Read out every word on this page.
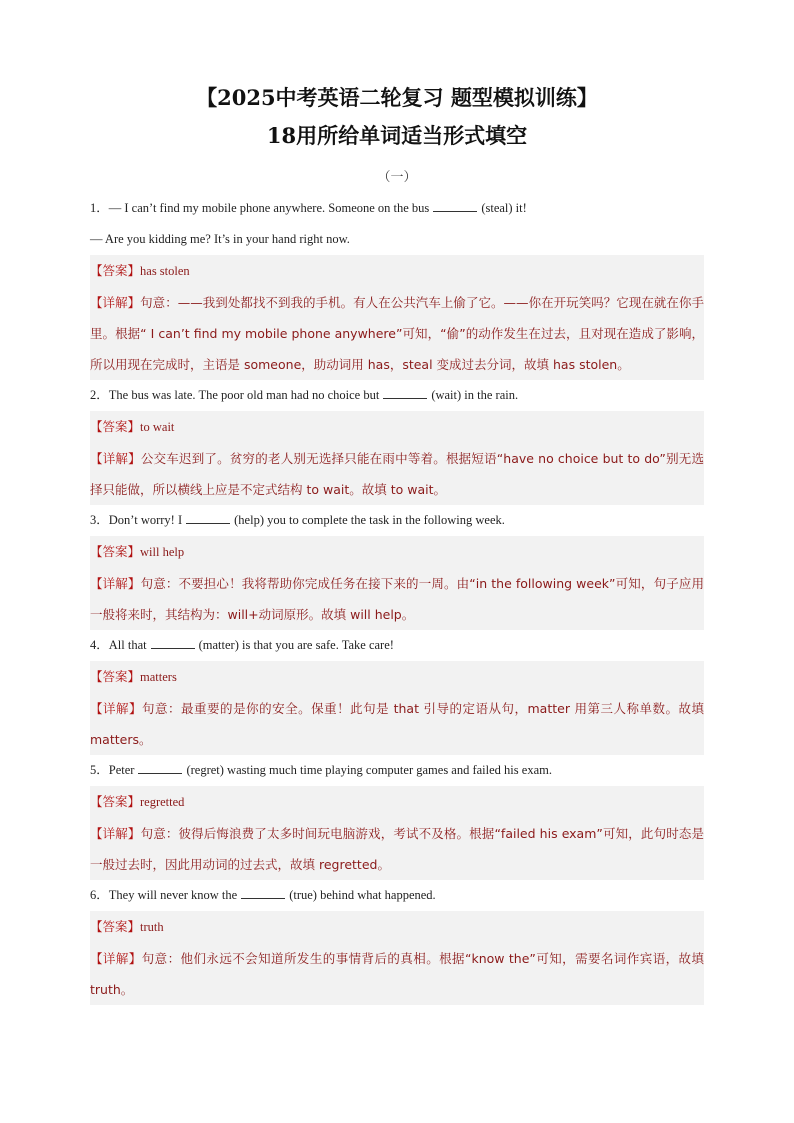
【2025中考英语二轮复习 题型模拟训练】
18用所给单词适当形式填空
（一）
1．— I can’t find my mobile phone anywhere. Someone on the bus	(steal) it!
— Are you kidding me? It’s in your hand right now.
【答案】has stolen
【详解】句意：——我到处都找不到我的手机。有人在公共汽车上偷了它。——你在开玩笑吗？它现在就在你手里。根据“ I can’t find my mobile phone anywhere”可知，“偷”的动作发生在过去，且对现在造成了影响，所以用现在完成时，主语是 someone，助动词用 has，steal 变成过去分词，故填 has stolen。
2．The bus was late. The poor old man had no choice but	(wait) in the rain.
【答案】to wait
【详解】公交车迟到了。贫穷的老人别无选择只能在雨中等着。根据短语“have no choice but to do”别无选择只能做，所以横线上应是不定式结构 to wait。故填 to wait。
3．Don’t worry! I	(help) you to complete the task in the following week.
【答案】will help
【详解】句意：不要担心！我将帮助你完成任务在接下来的一周。由“in the following week”可知，句子应用一般将来时，其结构为：will+动词原形。故填 will help。
4．All that	(matter) is that you are safe. Take care!
【答案】matters
【详解】句意：最重要的是你的安全。保重！此句是 that 引导的定语从句，matter 用第三人称单数。故填 matters。
5．Peter	(regret) wasting much time playing computer games and failed his exam.
【答案】regretted
【详解】句意：彼得后悔浪费了太多时间玩电脑游戏，考试不及格。根据“failed his exam”可知，此句时态是一般过去时，因此用动词的过去式，故填 regretted。
6．They will never know the	(true) behind what happened.
【答案】truth
【详解】句意：他们永远不会知道所发生的事情背后的真相。根据“know the”可知，需要名词作宾语，故填 truth。
